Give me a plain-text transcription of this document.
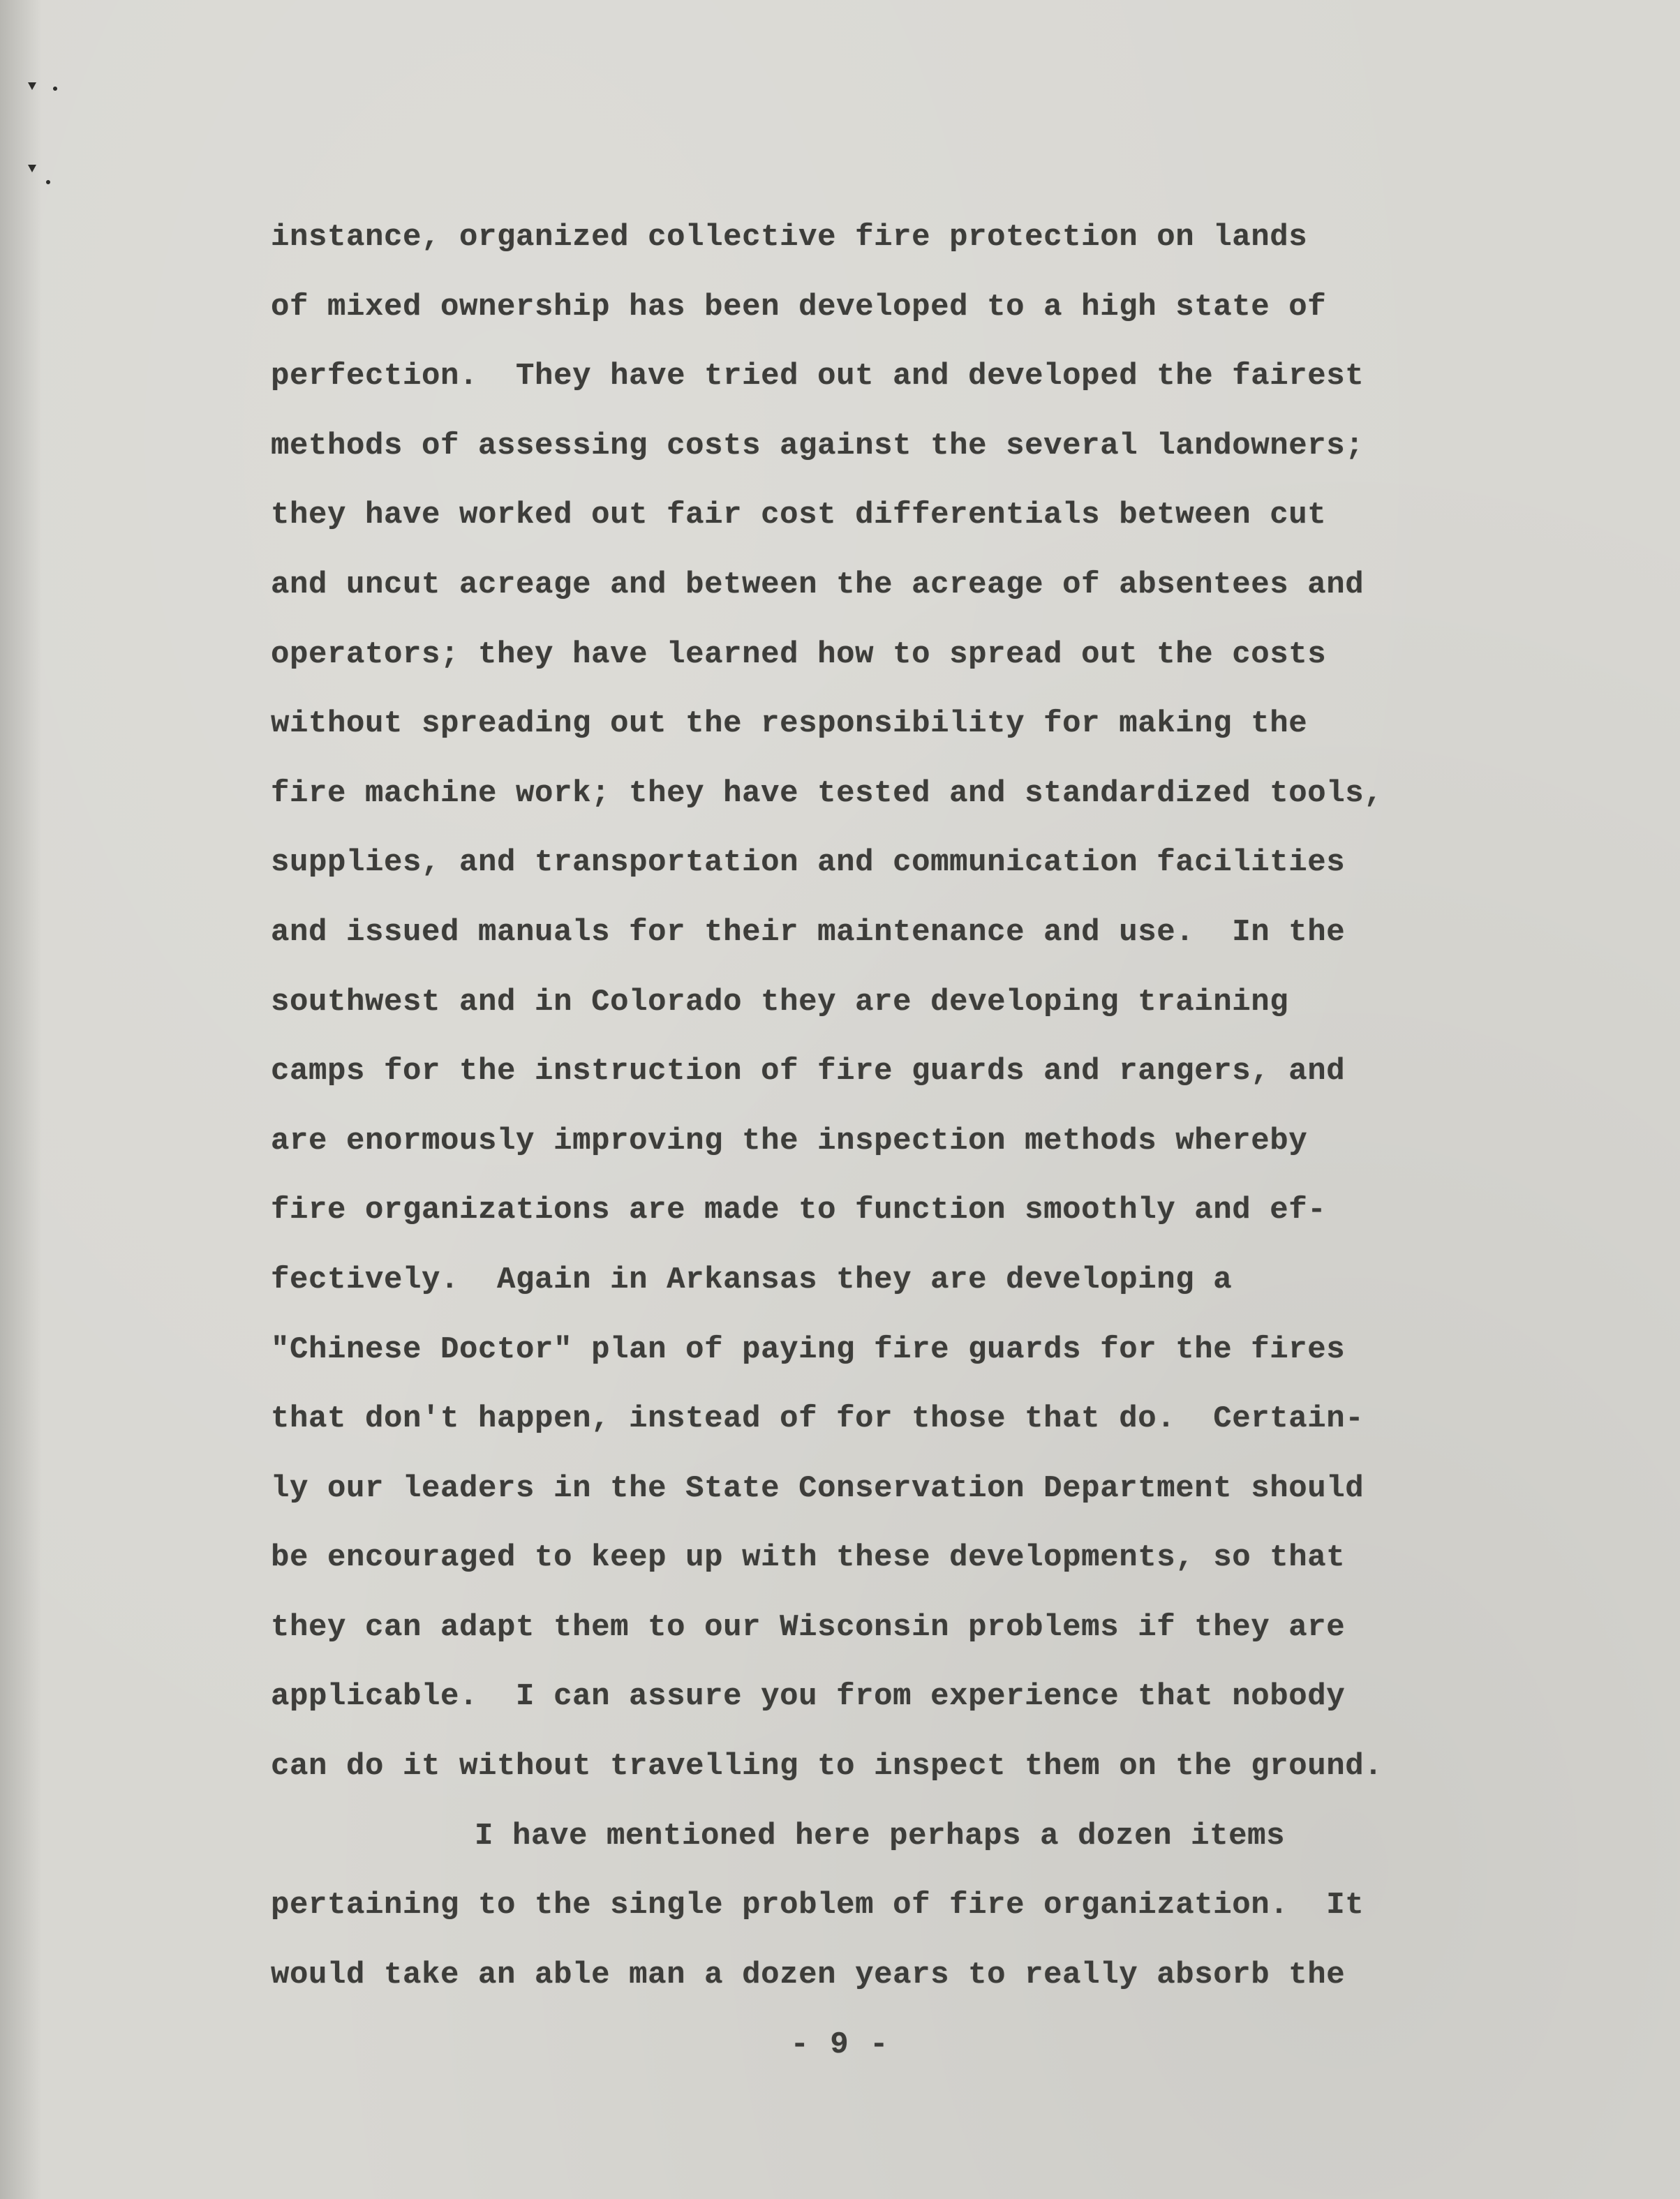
instance, organized collective fire protection on lands
of mixed ownership has been developed to a high state of
perfection.  They have tried out and developed the fairest
methods of assessing costs against the several landowners;
they have worked out fair cost differentials between cut
and uncut acreage and between the acreage of absentees and
operators; they have learned how to spread out the costs
without spreading out the responsibility for making the
fire machine work; they have tested and standardized tools,
supplies, and transportation and communication facilities
and issued manuals for their maintenance and use.  In the
southwest and in Colorado they are developing training
camps for the instruction of fire guards and rangers, and
are enormously improving the inspection methods whereby
fire organizations are made to function smoothly and ef-
fectively.  Again in Arkansas they are developing a
"Chinese Doctor" plan of paying fire guards for the fires
that don't happen, instead of for those that do.  Certain-
ly our leaders in the State Conservation Department should
be encouraged to keep up with these developments, so that
they can adapt them to our Wisconsin problems if they are
applicable.  I can assure you from experience that nobody
can do it without travelling to inspect them on the ground.
I have mentioned here perhaps a dozen items
pertaining to the single problem of fire organization.  It
would take an able man a dozen years to really absorb the
- 9 -
